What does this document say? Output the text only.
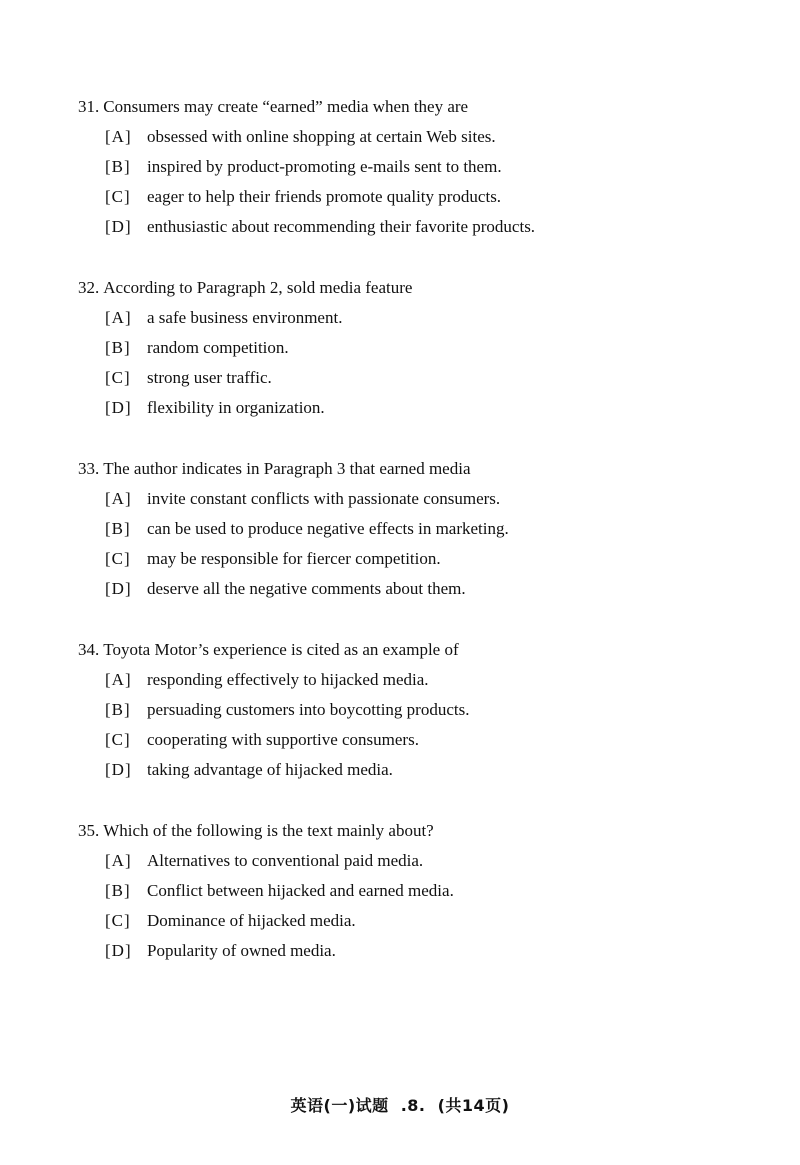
31. Consumers may create “earned” media when they are
[A] obsessed with online shopping at certain Web sites.
[B] inspired by product-promoting e-mails sent to them.
[C] eager to help their friends promote quality products.
[D] enthusiastic about recommending their favorite products.
32. According to Paragraph 2, sold media feature
[A] a safe business environment.
[B] random competition.
[C] strong user traffic.
[D] flexibility in organization.
33. The author indicates in Paragraph 3 that earned media
[A] invite constant conflicts with passionate consumers.
[B] can be used to produce negative effects in marketing.
[C] may be responsible for fiercer competition.
[D] deserve all the negative comments about them.
34. Toyota Motor’s experience is cited as an example of
[A] responding effectively to hijacked media.
[B] persuading customers into boycotting products.
[C] cooperating with supportive consumers.
[D] taking advantage of hijacked media.
35. Which of the following is the text mainly about?
[A] Alternatives to conventional paid media.
[B] Conflict between hijacked and earned media.
[C] Dominance of hijacked media.
[D] Popularity of owned media.
英语(一)试题 .8. (共14页)
